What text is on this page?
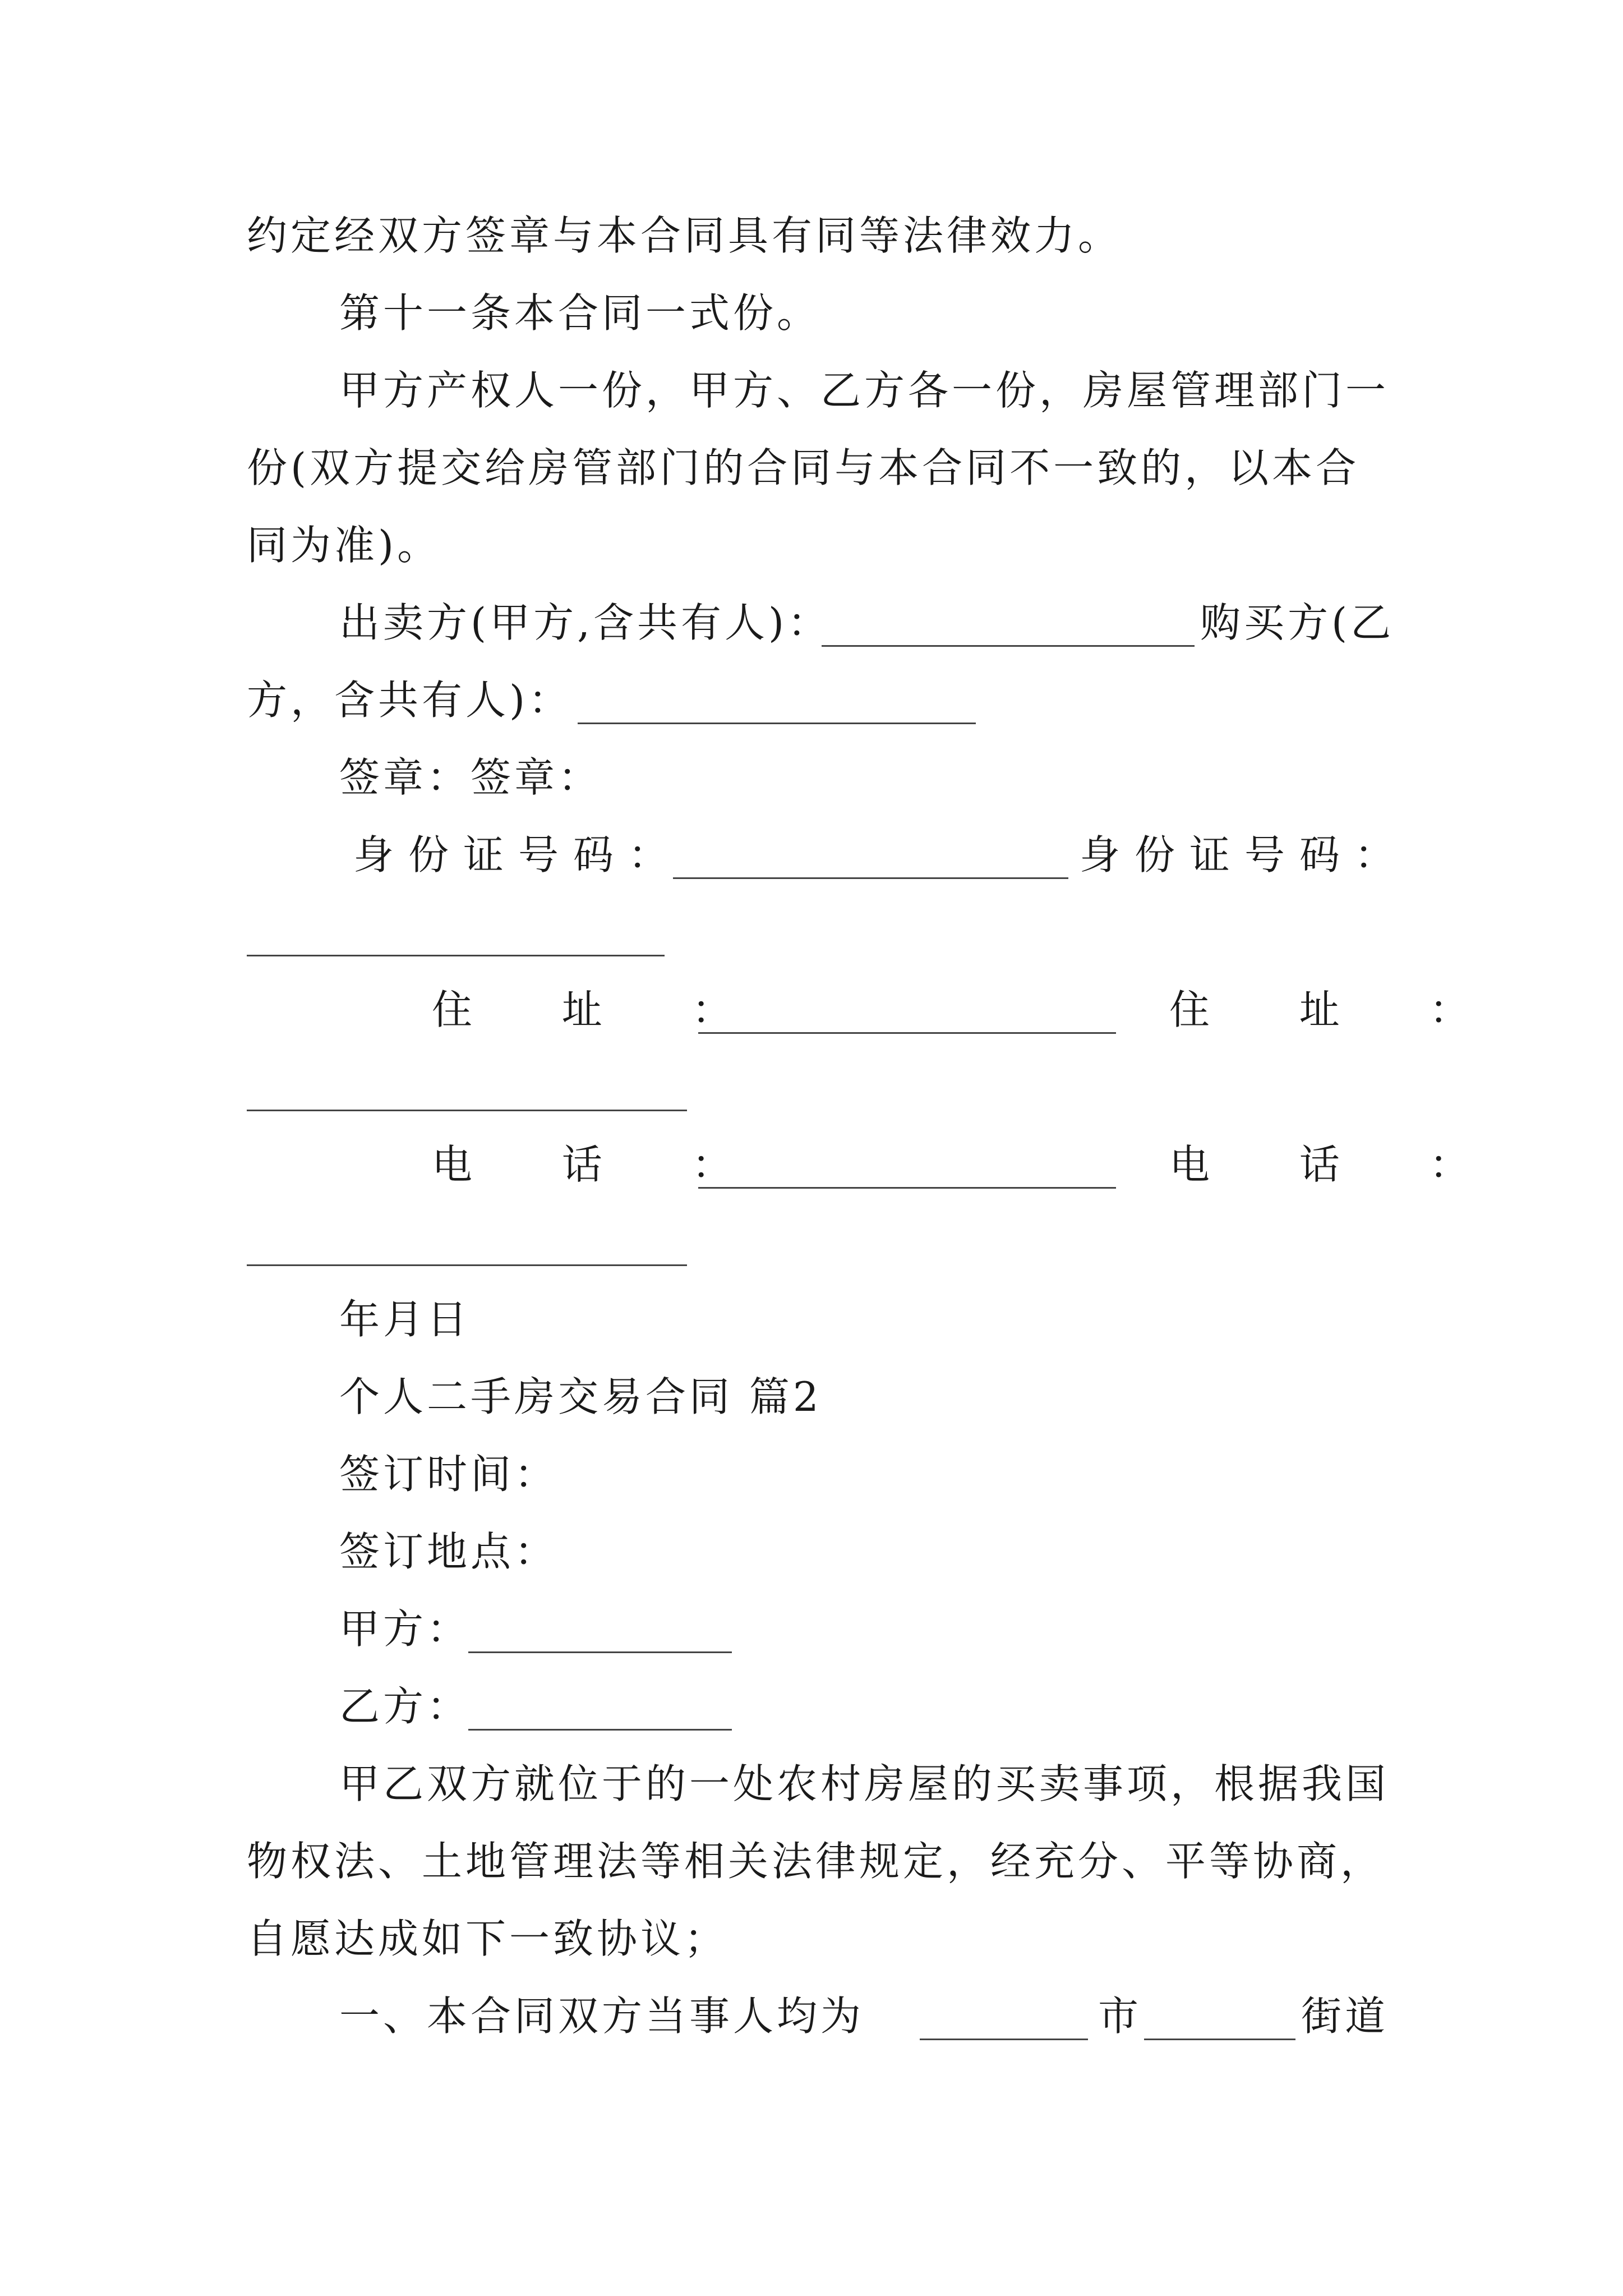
约定经双方签章与本合同具有同等法律效力。
第十一条本合同一式份。
甲方产权人一份，甲方、乙方各一份，房屋管理部门一
份(双方提交给房管部门的合同与本合同不一致的，以本合
同为准)。
出卖方(甲方,含共有人)：	购买方(乙
方，含共有人)：
签章：签章：
身份证号码：	身份证号码：
住  址  ：	住  址  ：
电  话  ：	电  话  ：
年月日
个人二手房交易合同 篇2
签订时间：
签订地点：
甲方：
乙方：
甲乙双方就位于的一处农村房屋的买卖事项，根据我国
物权法、土地管理法等相关法律规定，经充分、平等协商，
自愿达成如下一致协议；
一、本合同双方当事人均为	市	街道
